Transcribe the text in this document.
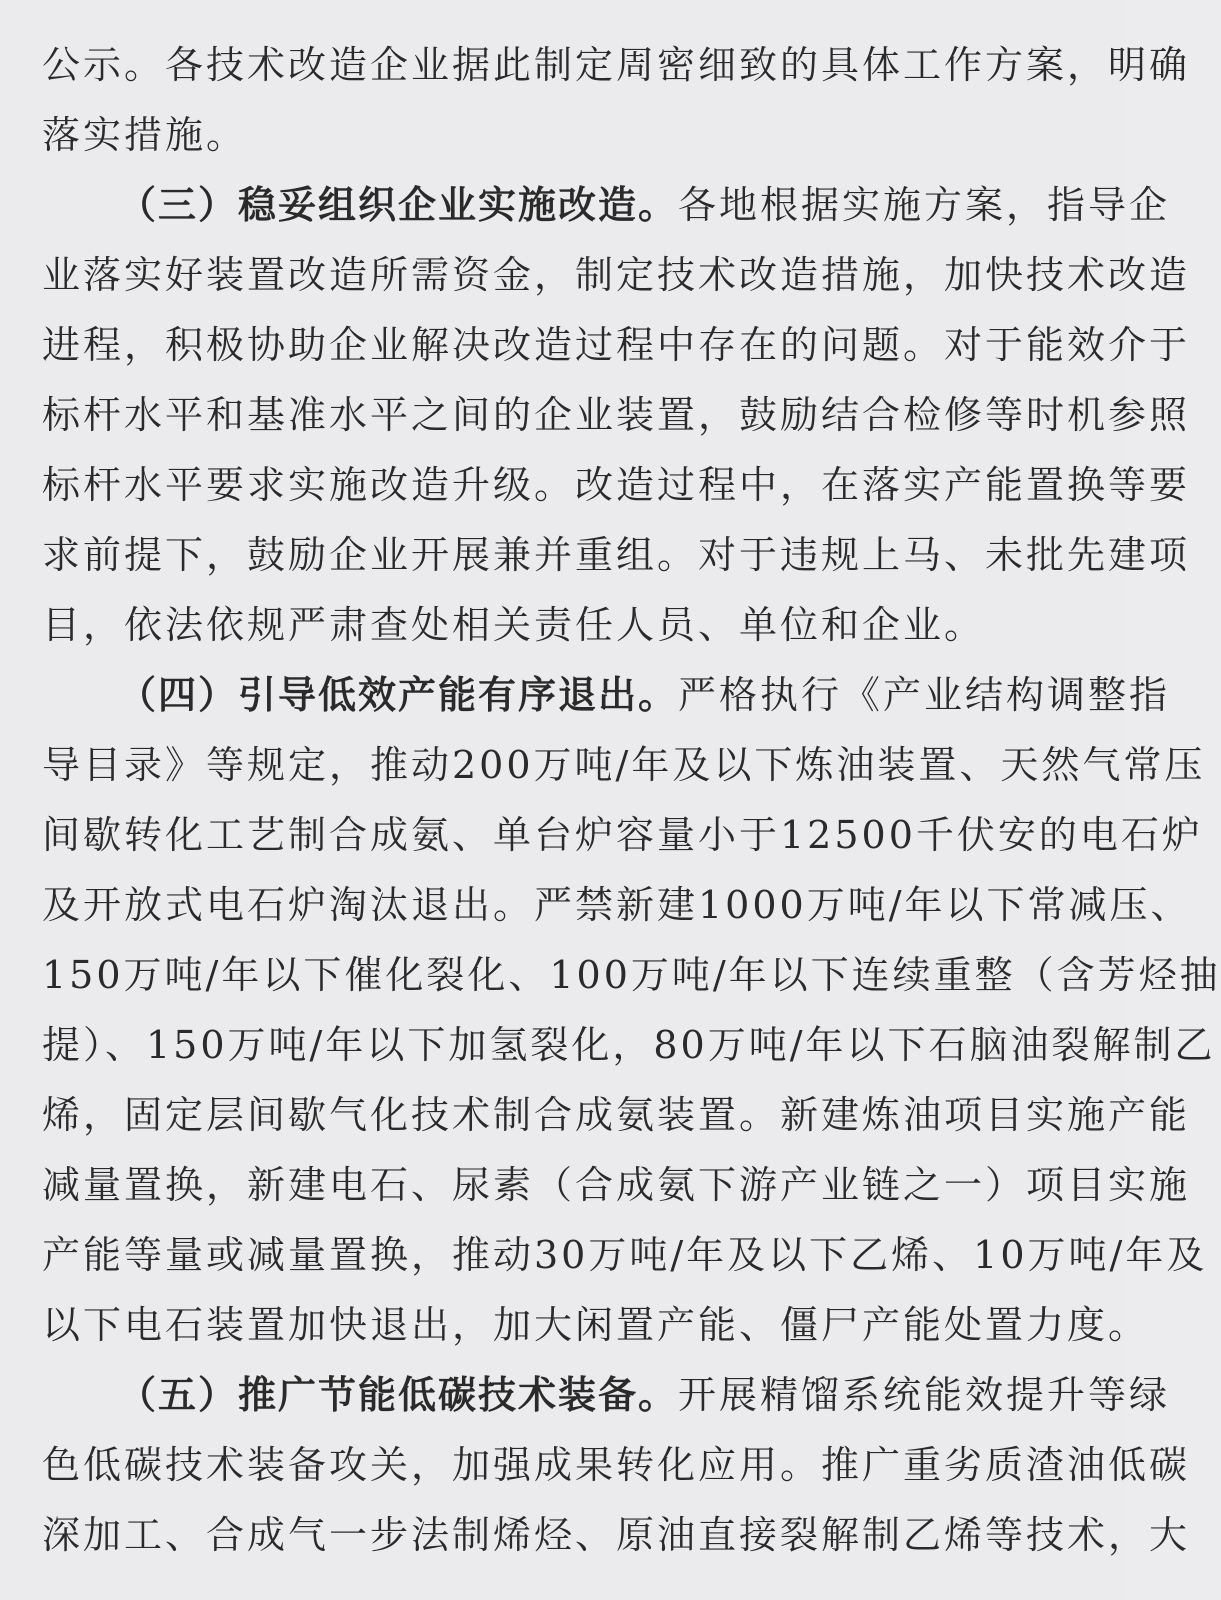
公示。各技术改造企业据此制定周密细致的具体工作方案，明确
落实措施。
（三）稳妥组织企业实施改造。各地根据实施方案，指导企
业落实好装置改造所需资金，制定技术改造措施，加快技术改造
进程，积极协助企业解决改造过程中存在的问题。对于能效介于
标杆水平和基准水平之间的企业装置，鼓励结合检修等时机参照
标杆水平要求实施改造升级。改造过程中，在落实产能置换等要
求前提下，鼓励企业开展兼并重组。对于违规上马、未批先建项
目，依法依规严肃查处相关责任人员、单位和企业。
（四）引导低效产能有序退出。严格执行《产业结构调整指
导目录》等规定，推动200万吨/年及以下炼油装置、天然气常压
间歇转化工艺制合成氨、单台炉容量小于12500千伏安的电石炉
及开放式电石炉淘汰退出。严禁新建1000万吨/年以下常减压、
150万吨/年以下催化裂化、100万吨/年以下连续重整（含芳烃抽
提）、150万吨/年以下加氢裂化，80万吨/年以下石脑油裂解制乙
烯，固定层间歇气化技术制合成氨装置。新建炼油项目实施产能
减量置换，新建电石、尿素（合成氨下游产业链之一）项目实施
产能等量或减量置换，推动30万吨/年及以下乙烯、10万吨/年及
以下电石装置加快退出，加大闲置产能、僵尸产能处置力度。
（五）推广节能低碳技术装备。开展精馏系统能效提升等绿
色低碳技术装备攻关，加强成果转化应用。推广重劣质渣油低碳
深加工、合成气一步法制烯烃、原油直接裂解制乙烯等技术，大
